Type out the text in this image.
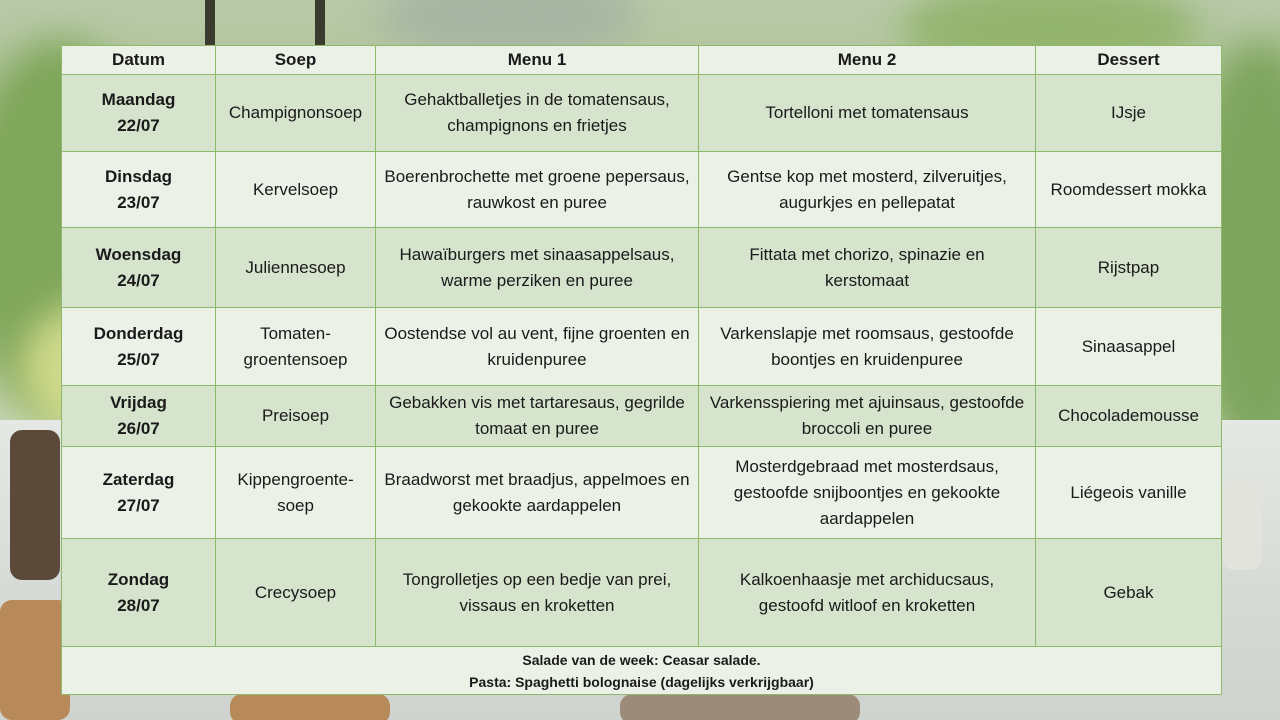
Datum	Soep	Menu 1	Menu 2	Dessert

Maandag
22/07	Champignonsoep	Gehaktballetjes in de tomatensaus, champignons en frietjes	Tortelloni met tomatensaus	IJsje

Dinsdag
23/07	Kervelsoep	Boerenbrochette met groene pepersaus, rauwkost en puree	Gentse kop met mosterd, zilveruitjes, augurkjes en pellepatat	Roomdessert mokka

Woensdag
24/07	Juliennesoep	Hawaïburgers met sinaasappelsaus, warme perziken en puree	Fittata met chorizo, spinazie en kerstomaat	Rijstpap

Donderdag
25/07	Tomaten-groentensoep	Oostendse vol au vent, fijne groenten en kruidenpuree	Varkenslapje met roomsaus, gestoofde boontjes en kruidenpuree	Sinaasappel

Vrijdag
26/07	Preisoep	Gebakken vis met tartaresaus, gegrilde tomaat en puree	Varkensspiering met ajuinsaus, gestoofde broccoli en puree	Chocolademousse

Zaterdag
27/07	Kippengroente-soep	Braadworst met braadjus, appelmoes en gekookte aardappelen	Mosterdgebraad met mosterdsaus, gestoofde snijboontjes en gekookte aardappelen	Liégeois vanille

Zondag
28/07	Crecysoep	Tongrolletjes op een bedje van prei, vissaus en kroketten	Kalkoenhaasje met archiducsaus, gestoofd witloof en kroketten	Gebak

Salade van de week: Ceasar salade.
Pasta: Spaghetti bolognaise (dagelijks verkrijgbaar)				
